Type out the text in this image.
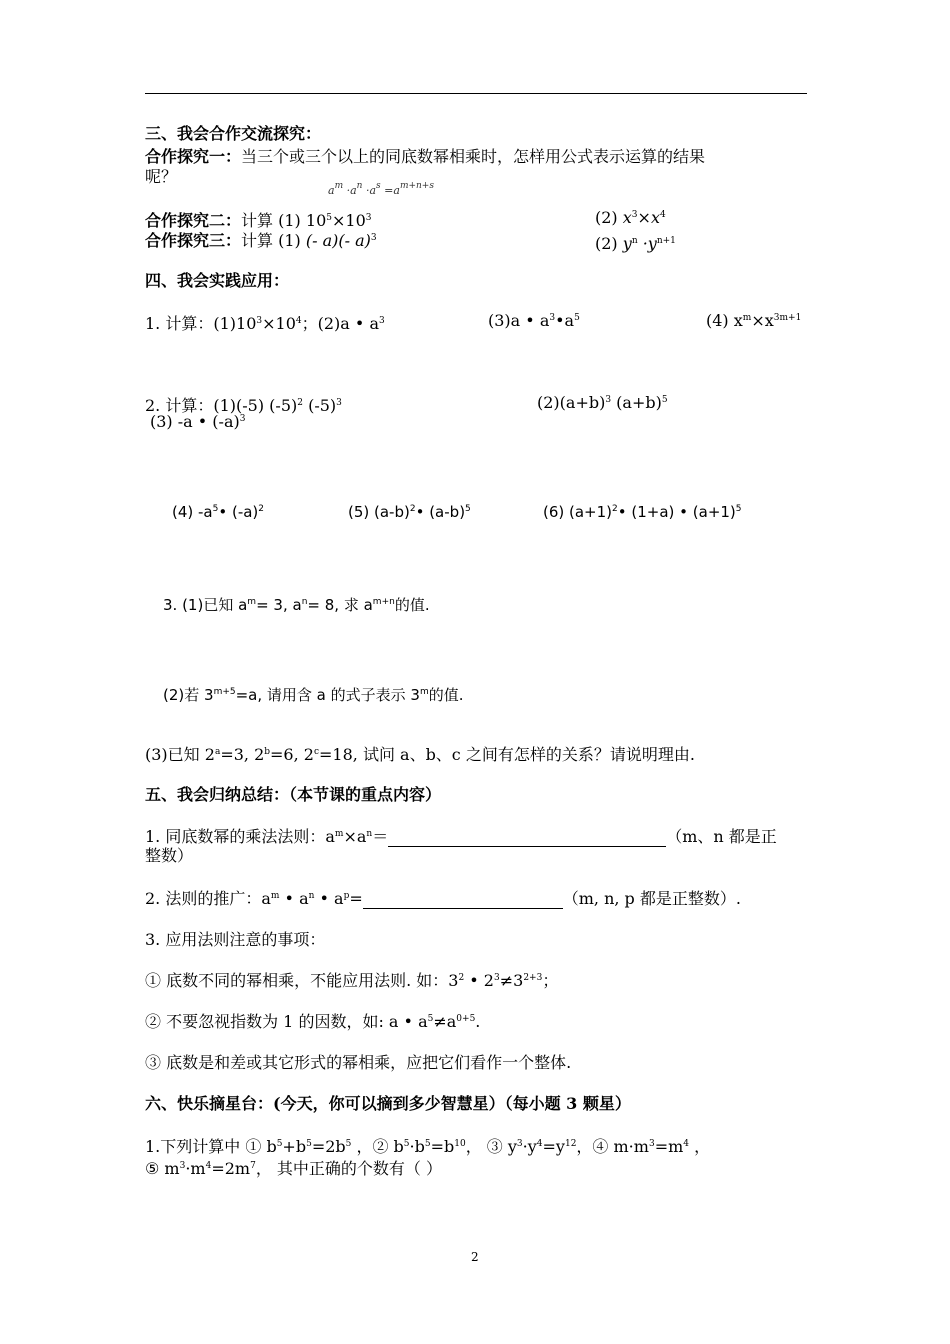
三、我会合作交流探究：
合作探究一：当三个或三个以上的同底数幂相乘时，怎样用公式表示运算的结果
呢？
$a^m \cdot a^n \cdot a^s =a^{m+n+s}$
合作探究二：计算 (1) $10^5\times 10^3$	(2) $x^3\times x^4$
合作探究三：计算 (1) (- a)(- a)$^3$	(2) $y^n \cdot y^{n+1}$
四、我会实践应用：
1. 计算：$(1)10^3\times 10^4$；(2)a • $a^3$	(3)a • $a^3•a^5$	(4) $x^m\times x^{3m+1}$
2. 计算：(1)(-5) $(-5)^2$ $(-5)^3$	$(2)(a+b)^3$ $(a+b)^5$
(3) -a • $(-a)^3$
(4) $-a^5•$ $(-a)^2$	(5) $(a-b)^2•$ $(a-b)^5$	(6) $(a+1)^2•$ (1+a) • $(a+1)^5$
3. (1)已知 $a^m= 3$, $a^n= 8$, 求 $a^{m+n}$的值.
(2)若 $3^{m+5}=a$, 请用含 a 的式子表示 3$^m$的值.
(3)已知 $2^a=3$, $2^b=6$, $2^c=18$, 试问 a、b、c 之间有怎样的关系？请说明理由.
五、我会归纳总结：（本节课的重点内容）
1. 同底数幂的乘法法则：$a^m\times a^n=$	（m、n 都是正
整数）
2. 法则的推广：$a^m$ • $a^n$ • $a^p=$	（m, n, p 都是正整数）.
3. 应用法则注意的事项：
① 底数不同的幂相乘，不能应用法则. 如：$3^2$ • $2^3\ne 3^{2+3}$；
② 不要忽视指数为 1 的因数，如: a • $a^5\ne a^{0+5}$.
③ 底数是和差或其它形式的幂相乘，应把它们看作一个整体.
六、快乐摘星台：(今天，你可以摘到多少智慧星）（每小题 3 颗星）
1.下列计算中 ① $b^5+b^5=2b^5$ ，② $b^5\cdot b^5=b^{10}$， ③ $y^3\cdot y^4=y^{12}$，④ $m\cdot m^3=m^4$ ，
⑤ $m^3\cdot m^4=2m^7$， 其中正确的个数有（ ）
2
